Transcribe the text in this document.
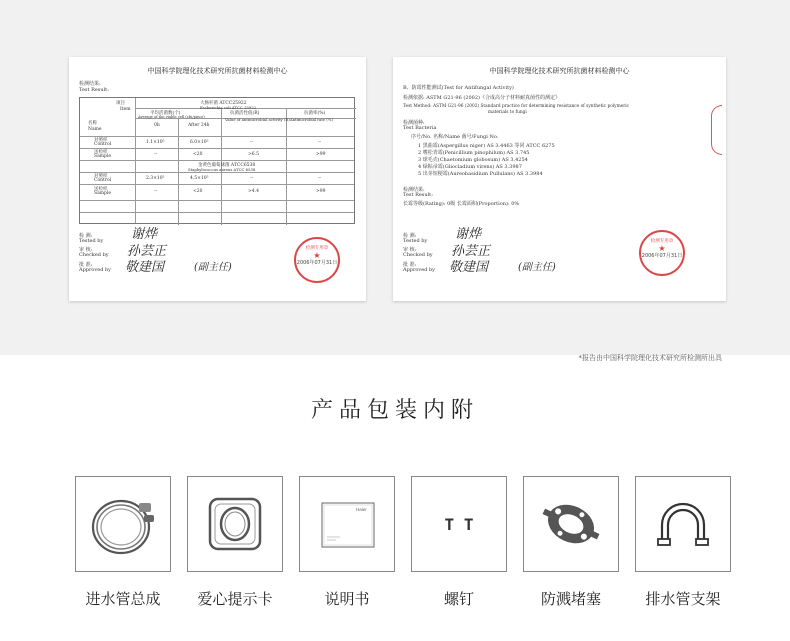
中国科学院理化技术研究所抗菌材料检测中心
检测结果:
Test Result:
项目
Item
名称
Name
大肠杆菌 ATCC25922
Escherichia coli ATCC 25922
平均活菌数(个)
Average of the viable cell (cfu/piece)
0h	After 24h
抗菌活性值(R)
Value of antimicrobial activity (R)
抗菌率(%)
Antimicrobial rate (%)
对照样
Control	1.1×10⁵	6.0×10⁵	--	--
送检样
Sample	--	<20	>6.5	>99
金黄色葡萄球菌 ATCC6538
Staphylococcus aureus ATCC 6538
对照样
Control	2.3×10⁵	4.5×10⁵	--	--
送检样
Sample	--	<20	>4.4	>99
检 测:
Tested by
审 核:
Checked by
批 准:
Approved by
谢烨
孙芸正
敬建国	(副主任)
检测专用章
★
2006年07月31日
中国科学院理化技术研究所抗菌材料检测中心
B、防霉性能测试(Test for Antifungal Activity)
检测依据: ASTM G21-96 (2002)《合成高分子材料耐真菌性的测定》
Test Method: ASTM G21-96 (2002) Standard practice for determining resistance of synthetic polymeric
materials to fungi
检测菌种:
Test Bacteria
序号/No. 名称/Name 菌号/Fungi No.
1 黑曲霉(Aspergillus niger) AS 3.4463 等同 ATCC 6275
2 嗜松青霉(Penicillium pinophilum) AS 3.745
3 球毛壳(Chaetomium globosum) AS 3.4254
4 绿粘帚霉(Gliocladium virens) AS 3.3987
5 出芽短梗霉(Aureobasidium Pullulans) AS 3.3984
检测结果:
Test Result:
长霉等级(Rating): 0级 长霉面积(Proportion): 0%
检 测:
Tested by
审 核:
Checked by
批 准:
Approved by
谢烨
孙芸正
敬建国	(副主任)
检测专用章
★
2006年07月31日
*报告由中国科学院理化技术研究所检测所出具
产品包装内附
进水管总成	爱心提示卡
Haier
说明书
T T
螺钉	防溅堵塞	排水管支架
